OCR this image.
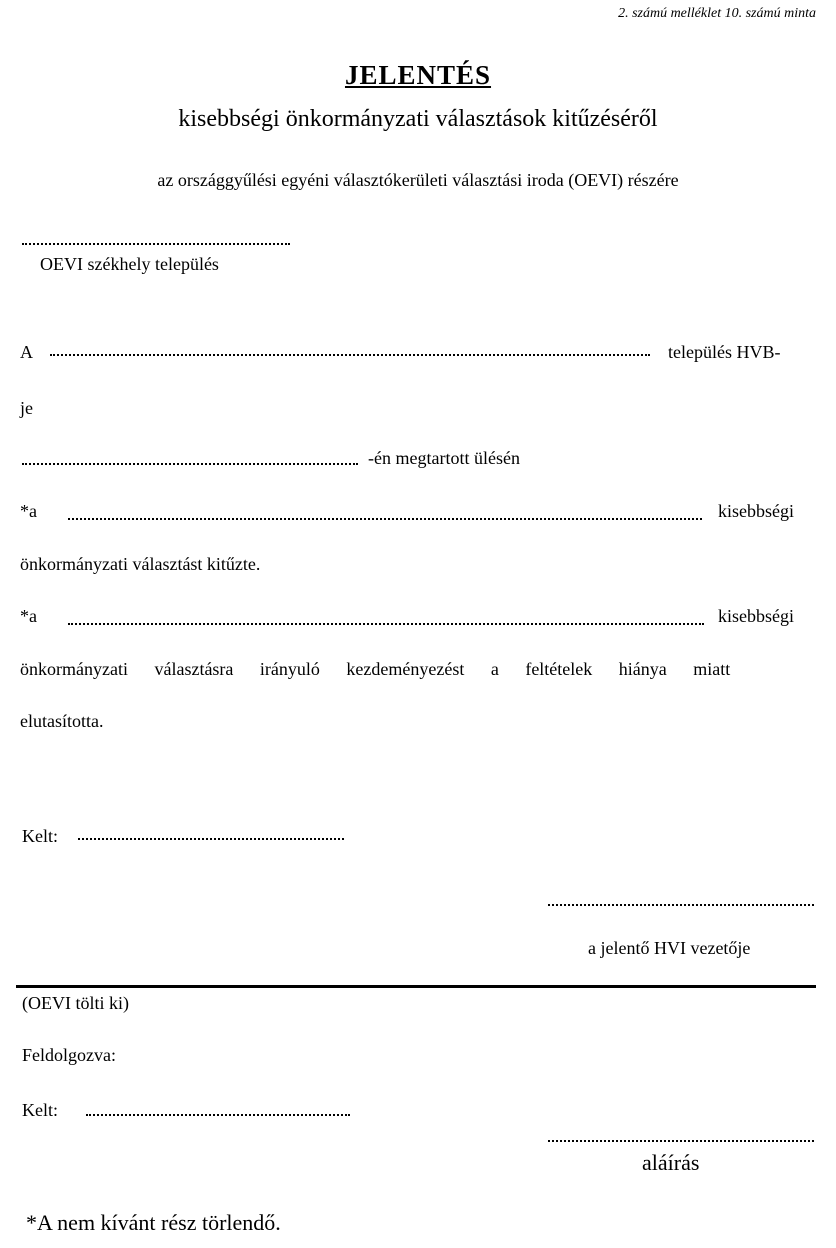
2. számú melléklet 10. számú minta
JELENTÉS
kisebbségi önkormányzati választások kitűzéséről
az országgyűlési egyéni választókerületi választási iroda (OEVI) részére
OEVI székhely település
A	település HVB-
je
-én megtartott ülésén
*a	kisebbségi
önkormányzati választást kitűzte.
*a	kisebbségi
önkormányzati választásra irányuló kezdeményezést a feltételek hiánya miatt
elutasította.
Kelt:
a jelentő HVI vezetője
(OEVI tölti ki)
Feldolgozva:
Kelt:
aláírás
*A nem kívánt rész törlendő.
